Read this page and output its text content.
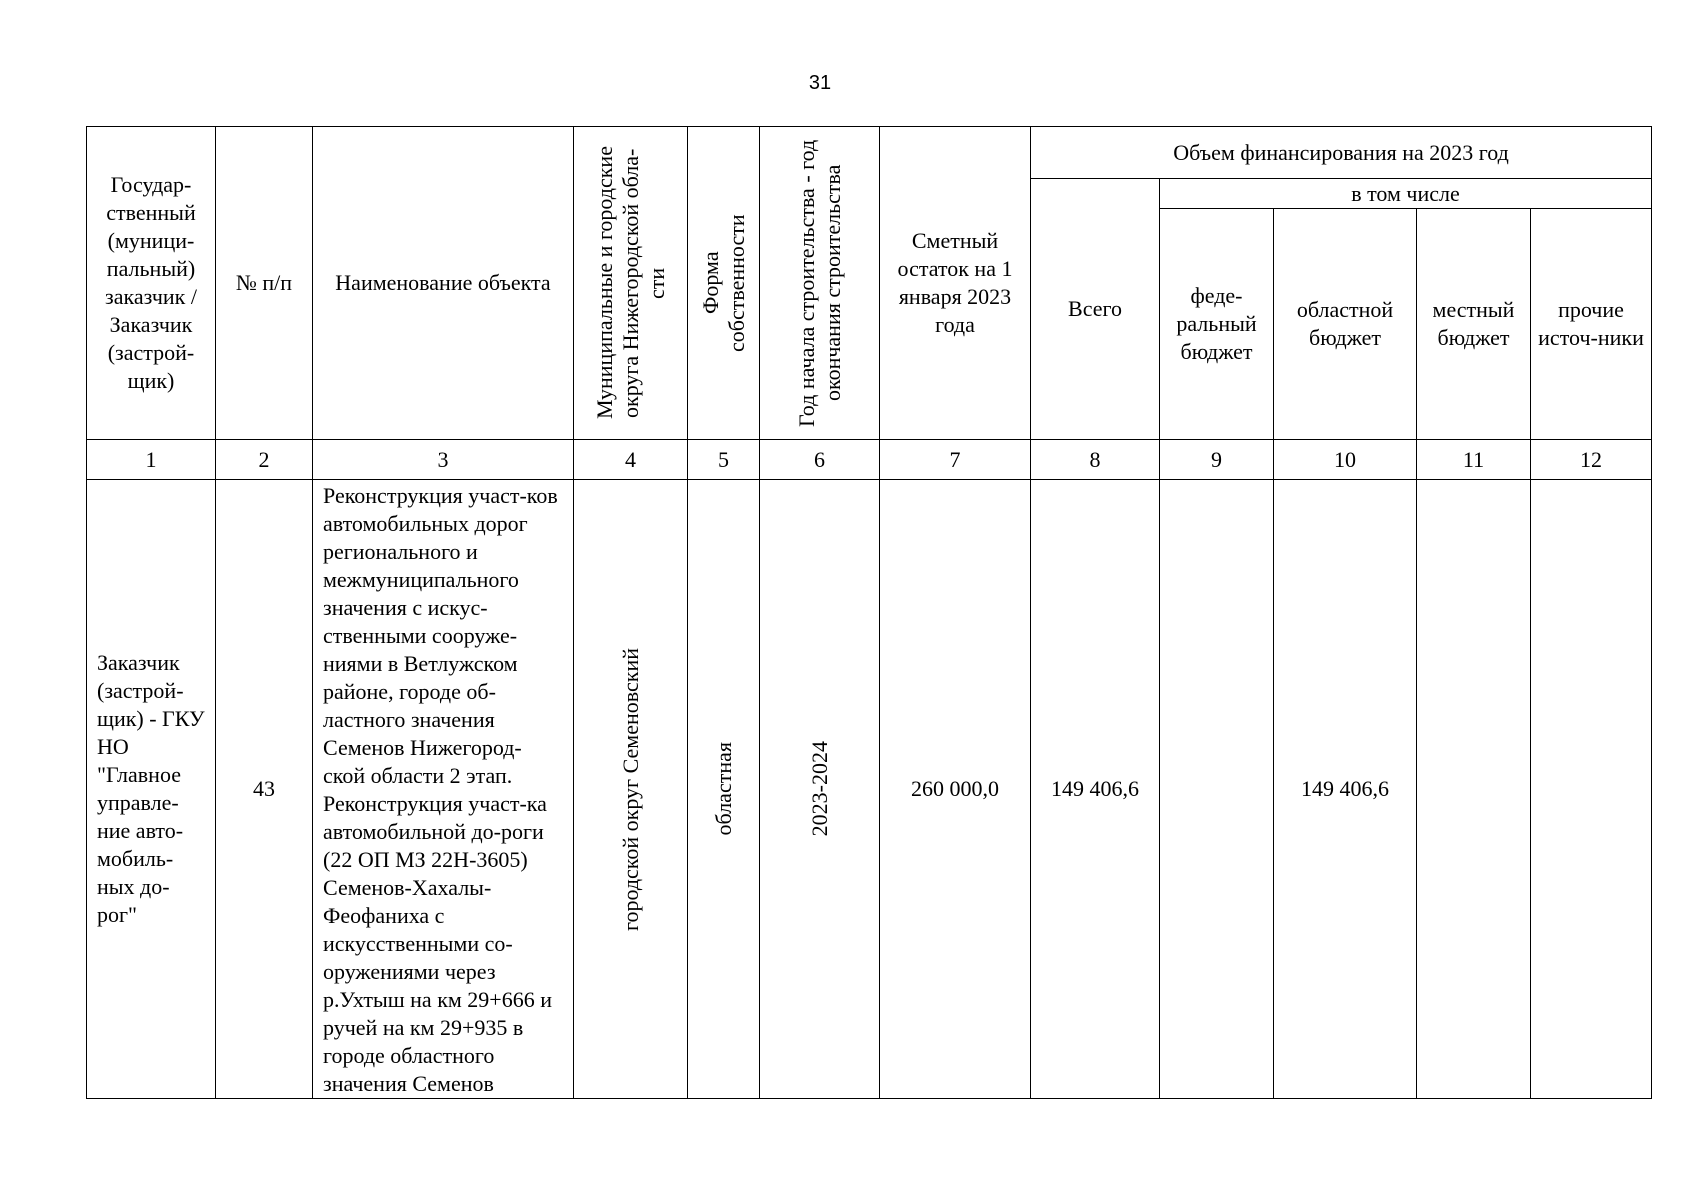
31
Государ-ственный (муници-пальный) заказчик / Заказчик (застрой-щик)	№ п/п	Наименование объекта	Муниципальные и городские округа Нижегородской обла-сти	Форма собственности	Год начала строительства - год окончания строительства	Сметный остаток на 1 января 2023 года	Объем финансирования на 2023 год				
							Всего	в том числе			
								феде-ральный бюджет	областной бюджет	местный бюджет	прочие источ-ники
1	2	3	4	5	6	7	8	9	10	11	12
Заказчик (застрой-щик) - ГКУ НО "Главное управле-ние авто-мобиль-ных до-рог"	43	Реконструкция участ-ков автомобильных дорог регионального и межмуниципального значения с искус-ственными сооруже-ниями в Ветлужском районе, городе об-ластного значения Семенов Нижегород-ской области 2 этап. Реконструкция участ-ка автомобильной до-роги (22 ОП МЗ 22Н-3605) Семенов-Хахалы-Феофаниха с искусственными со-оружениями через р.Ухтыш на км 29+666 и ручей на км 29+935 в городе областного значения Семенов	городской округ Семеновский	областная	2023-2024	260 000,0	149 406,6		149 406,6		
